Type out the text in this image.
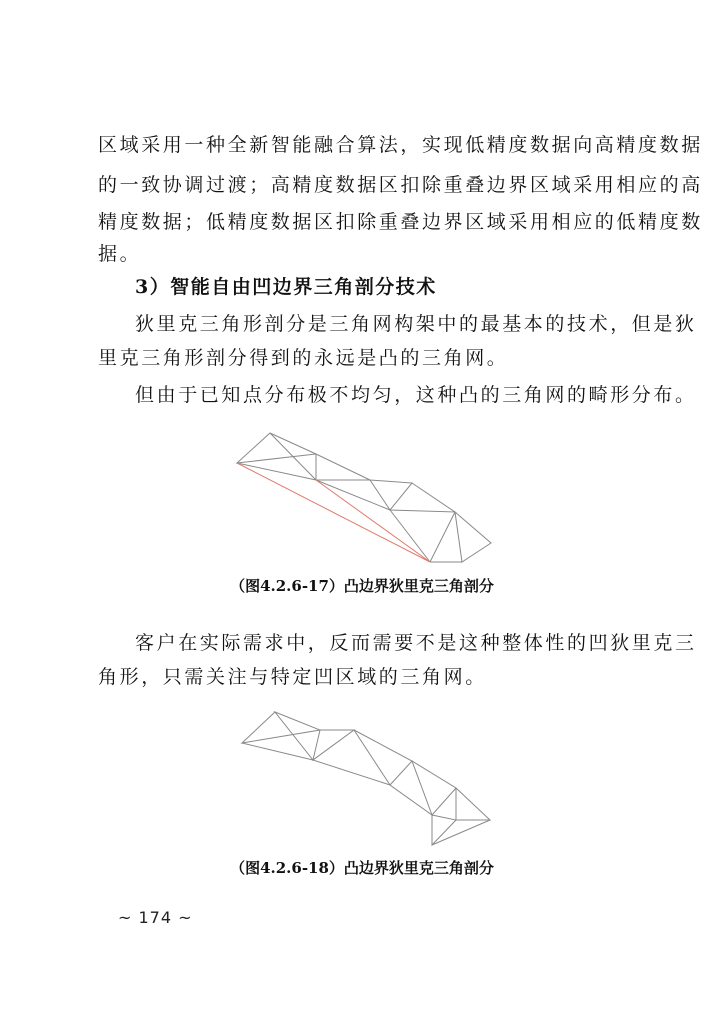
区域采用一种全新智能融合算法，实现低精度数据向高精度数据
的一致协调过渡；高精度数据区扣除重叠边界区域采用相应的高
精度数据；低精度数据区扣除重叠边界区域采用相应的低精度数
据。
3）智能自由凹边界三角剖分技术
狄里克三角形剖分是三角网构架中的最基本的技术，但是狄
里克三角形剖分得到的永远是凸的三角网。
但由于已知点分布极不均匀，这种凸的三角网的畸形分布。
（图4.2.6-17）凸边界狄里克三角剖分
客户在实际需求中，反而需要不是这种整体性的凹狄里克三
角形，只需关注与特定凹区域的三角网。
（图4.2.6-18）凸边界狄里克三角剖分
~ 174 ~
